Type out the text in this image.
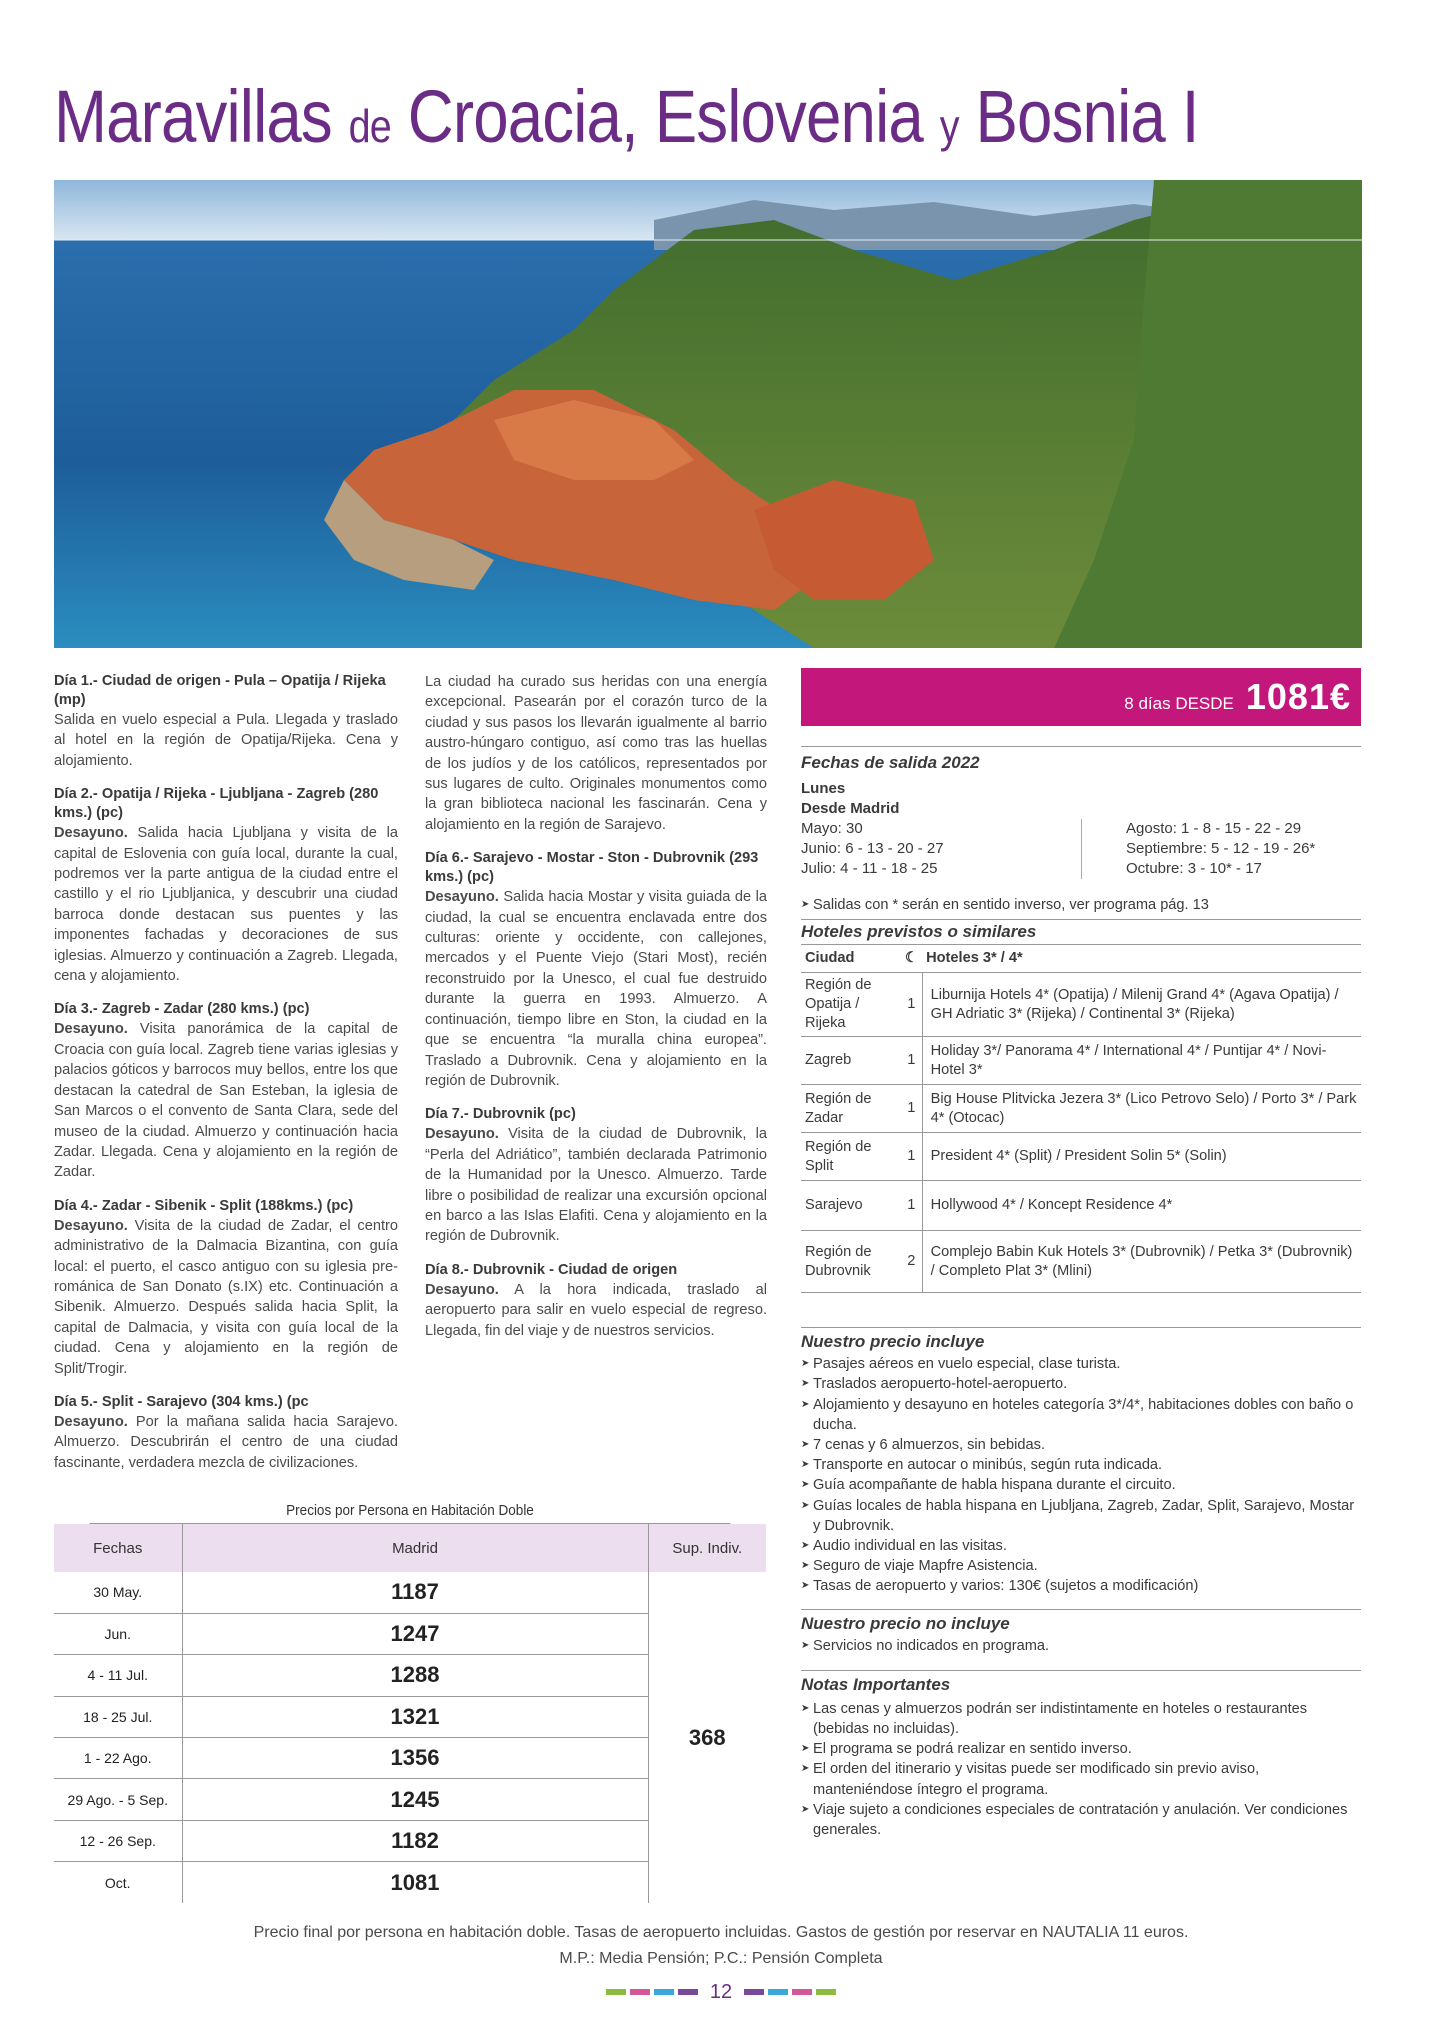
Maravillas de Croacia, Eslovenia y Bosnia I
Día 1.- Ciudad de origen - Pula – Opatija / Rijeka (mp)

Salida en vuelo especial a Pula. Llegada y traslado al hotel en la región de Opatija/Rijeka. Cena y alojamiento.

Día 2.- Opatija / Rijeka - Ljubljana - Zagreb (280 kms.) (pc)

Desayuno. Salida hacia Ljubljana y visita de la capital de Eslovenia con guía local, durante la cual, podremos ver la parte antigua de la ciudad entre el castillo y el rio Ljubljanica, y descubrir una ciudad barroca donde destacan sus puentes y las imponentes fachadas y decoraciones de sus iglesias. Almuerzo y continuación a Zagreb. Llegada, cena y alojamiento.

Día 3.- Zagreb - Zadar (280 kms.) (pc)

Desayuno. Visita panorámica de la capital de Croacia con guía local. Zagreb tiene varias iglesias y palacios góticos y barrocos muy bellos, entre los que destacan la catedral de San Esteban, la iglesia de San Marcos o el convento de Santa Clara, sede del museo de la ciudad. Almuerzo y continuación hacia Zadar. Llegada. Cena y alojamiento en la región de Zadar.

Día 4.- Zadar - Sibenik - Split (188kms.) (pc)

Desayuno. Visita de la ciudad de Zadar, el centro administrativo de la Dalmacia Bizantina, con guía local: el puerto, el casco antiguo con su iglesia pre-románica de San Donato (s.IX) etc. Continuación a Sibenik. Almuerzo. Después salida hacia Split, la capital de Dalmacia, y visita con guía local de la ciudad. Cena y alojamiento en la región de Split/Trogir.

Día 5.- Split - Sarajevo (304 kms.) (pc

Desayuno. Por la mañana salida hacia Sarajevo. Almuerzo. Descubrirán el centro de una ciudad fascinante, verdadera mezcla de civilizaciones.

La ciudad ha curado sus heridas con una energía excepcional. Pasearán por el corazón turco de la ciudad y sus pasos los llevarán igualmente al barrio austro-húngaro contiguo, así como tras las huellas de los judíos y de los católicos, representados por sus lugares de culto. Originales monumentos como la gran biblioteca nacional les fascinarán. Cena y alojamiento en la región de Sarajevo.

Día 6.- Sarajevo - Mostar - Ston - Dubrovnik (293 kms.) (pc)

Desayuno. Salida hacia Mostar y visita guiada de la ciudad, la cual se encuentra enclavada entre dos culturas: oriente y occidente, con callejones, mercados y el Puente Viejo (Stari Most), recién reconstruido por la Unesco, el cual fue destruido durante la guerra en 1993. Almuerzo. A continuación, tiempo libre en Ston, la ciudad en la que se encuentra “la muralla china europea”. Traslado a Dubrovnik. Cena y alojamiento en la región de Dubrovnik.

Día 7.- Dubrovnik (pc)

Desayuno. Visita de la ciudad de Dubrovnik, la “Perla del Adriático”, también declarada Patrimonio de la Humanidad por la Unesco. Almuerzo. Tarde libre o posibilidad de realizar una excursión opcional en barco a las Islas Elafiti. Cena y alojamiento en la región de Dubrovnik.

Día 8.- Dubrovnik - Ciudad de origen

Desayuno. A la hora indicada, traslado al aeropuerto para salir en vuelo especial de regreso. Llegada, fin del viaje y de nuestros servicios.

8 días DESDE 1081€
Fechas de salida 2022
Lunes
Desde Madrid
Mayo: 30
Junio: 6 - 13 - 20 - 27
Julio: 4 - 11 - 18 - 25
Agosto: 1 - 8 - 15 - 22 - 29
Septiembre: 5 - 12 - 19 - 26*
Octubre: 3 - 10* - 17
➤ Salidas con * serán en sentido inverso, ver programa pág. 13
Hoteles previstos o similares
Ciudad	☾	Hoteles 3* / 4*
Región de Opatija / Rijeka	1	Liburnija Hotels 4* (Opatija) / Milenij Grand 4* (Agava Opatija) / GH Adriatic 3* (Rijeka) / Continental 3* (Rijeka)
Zagreb	1	Holiday 3*/ Panorama 4* / International 4* / Puntijar 4* / Novi-Hotel 3*
Región de Zadar	1	Big House Plitvicka Jezera 3* (Lico Petrovo Selo) / Porto 3* / Park 4* (Otocac)
Región de Split	1	President 4* (Split) / President Solin 5* (Solin)
Sarajevo	1	Hollywood 4* / Koncept Residence 4*
Región de Dubrovnik	2	Complejo Babin Kuk Hotels 3* (Dubrovnik) / Petka 3* (Dubrovnik) / Completo Plat 3* (Mlini)
Nuestro precio incluye
➤ Pasajes aéreos en vuelo especial, clase turista.
➤ Traslados aeropuerto-hotel-aeropuerto.
➤ Alojamiento y desayuno en hoteles categoría 3*/4*, habitaciones dobles con baño o ducha.
➤ 7 cenas y 6 almuerzos, sin bebidas.
➤ Transporte en autocar o minibús, según ruta indicada.
➤ Guía acompañante de habla hispana durante el circuito.
➤ Guías locales de habla hispana en Ljubljana, Zagreb, Zadar, Split, Sarajevo, Mostar y Dubrovnik.
➤ Audio individual en las visitas.
➤ Seguro de viaje Mapfre Asistencia.
➤ Tasas de aeropuerto y varios: 130€ (sujetos a modificación)
Nuestro precio no incluye
➤ Servicios no indicados en programa.
Notas Importantes
➤ Las cenas y almuerzos podrán ser indistintamente en hoteles o restaurantes (bebidas no incluidas).
➤ El programa se podrá realizar en sentido inverso.
➤ El orden del itinerario y visitas puede ser modificado sin previo aviso, manteniéndose íntegro el programa.
➤ Viaje sujeto a condiciones especiales de contratación y anulación. Ver condiciones generales.
Precios por Persona en Habitación Doble
Fechas	Madrid	Sup. Indiv.
30 May.	1187	368
Jun.	1247	
4 - 11 Jul.	1288	
18 - 25 Jul.	1321	
1 - 22 Ago.	1356	
29 Ago. - 5 Sep.	1245	
12 - 26 Sep.	1182	
Oct.	1081	
Precio final por persona en habitación doble. Tasas de aeropuerto incluidas. Gastos de gestión por reservar en NAUTALIA 11 euros.
M.P.: Media Pensión; P.C.: Pensión Completa
12
